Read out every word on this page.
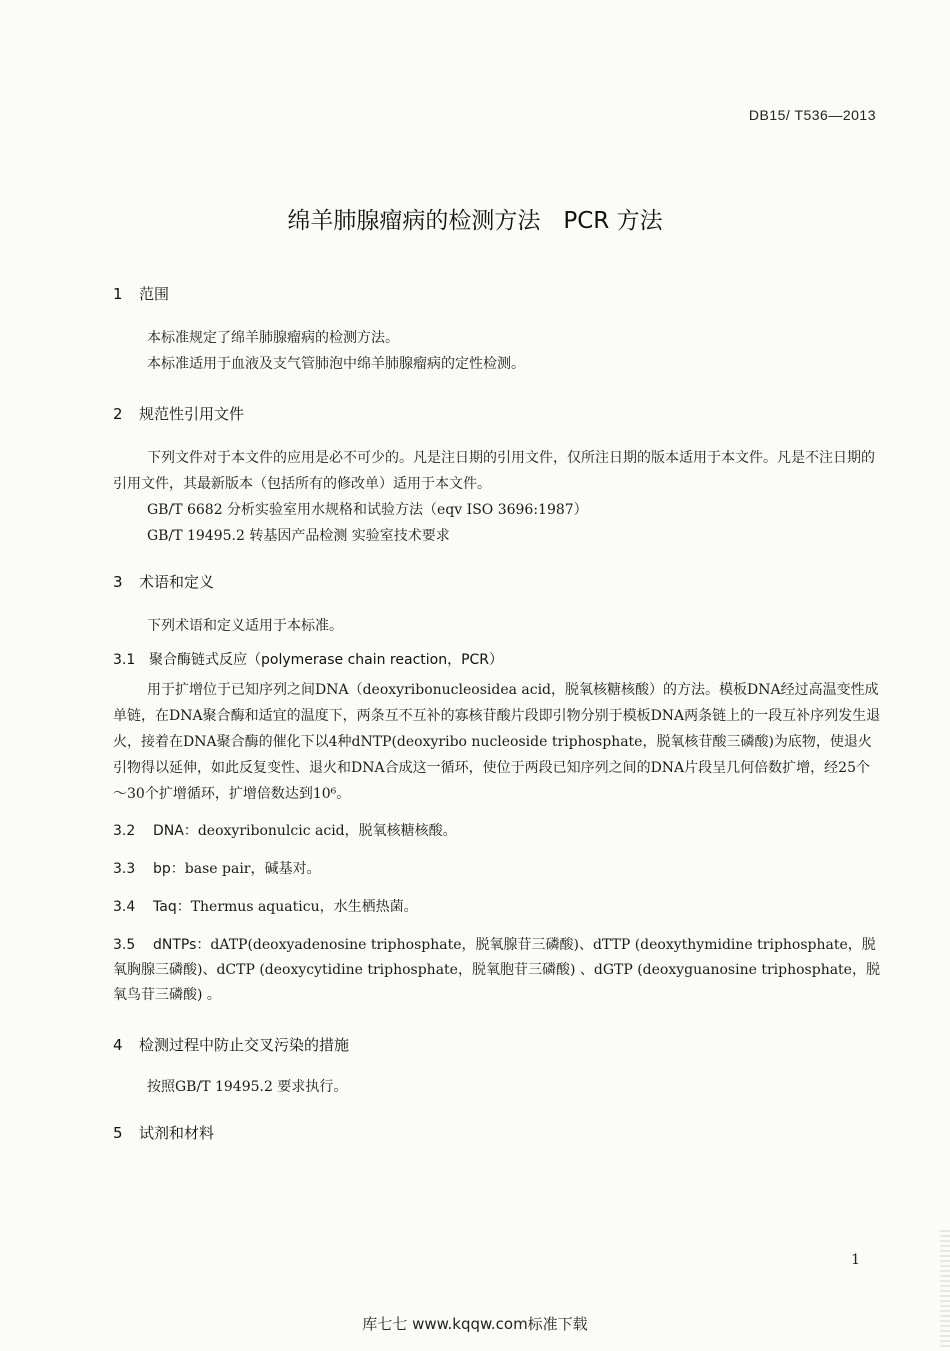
DB15/ T536—2013
绵羊肺腺瘤病的检测方法　PCR 方法
1 范围
本标准规定了绵羊肺腺瘤病的检测方法。
本标准适用于血液及支气管肺泡中绵羊肺腺瘤病的定性检测。
2 规范性引用文件
下列文件对于本文件的应用是必不可少的。凡是注日期的引用文件，仅所注日期的版本适用于本文件。凡是不注日期的引用文件，其最新版本（包括所有的修改单）适用于本文件。
GB/T 6682 分析实验室用水规格和试验方法（eqv ISO 3696:1987）
GB/T 19495.2 转基因产品检测 实验室技术要求
3 术语和定义
下列术语和定义适用于本标准。
3.1 聚合酶链式反应（polymerase chain reaction，PCR）
用于扩增位于已知序列之间DNA（deoxyribonucleosidea acid，脱氧核糖核酸）的方法。模板DNA经过高温变性成单链，在DNA聚合酶和适宜的温度下，两条互不互补的寡核苷酸片段即引物分别于模板DNA两条链上的一段互补序列发生退火，接着在DNA聚合酶的催化下以4种dNTP(deoxyribo nucleoside triphosphate，脱氧核苷酸三磷酸)为底物，使退火引物得以延伸，如此反复变性、退火和DNA合成这一循环，使位于两段已知序列之间的DNA片段呈几何倍数扩增，经25个～30个扩增循环，扩增倍数达到10⁶。
3.2 DNA：deoxyribonulcic acid，脱氧核糖核酸。
3.3 bp：base pair，碱基对。
3.4 Taq：Thermus aquaticu，水生栖热菌。
3.5 dNTPs：dATP(deoxyadenosine triphosphate，脱氧腺苷三磷酸)、dTTP (deoxythymidine triphosphate，脱氧胸腺三磷酸)、dCTP (deoxycytidine triphosphate，脱氧胞苷三磷酸) 、dGTP (deoxyguanosine triphosphate，脱氧鸟苷三磷酸) 。
4 检测过程中防止交叉污染的措施
按照GB/T 19495.2 要求执行。
5 试剂和材料
1
库七七 www.kqqw.com标准下载
